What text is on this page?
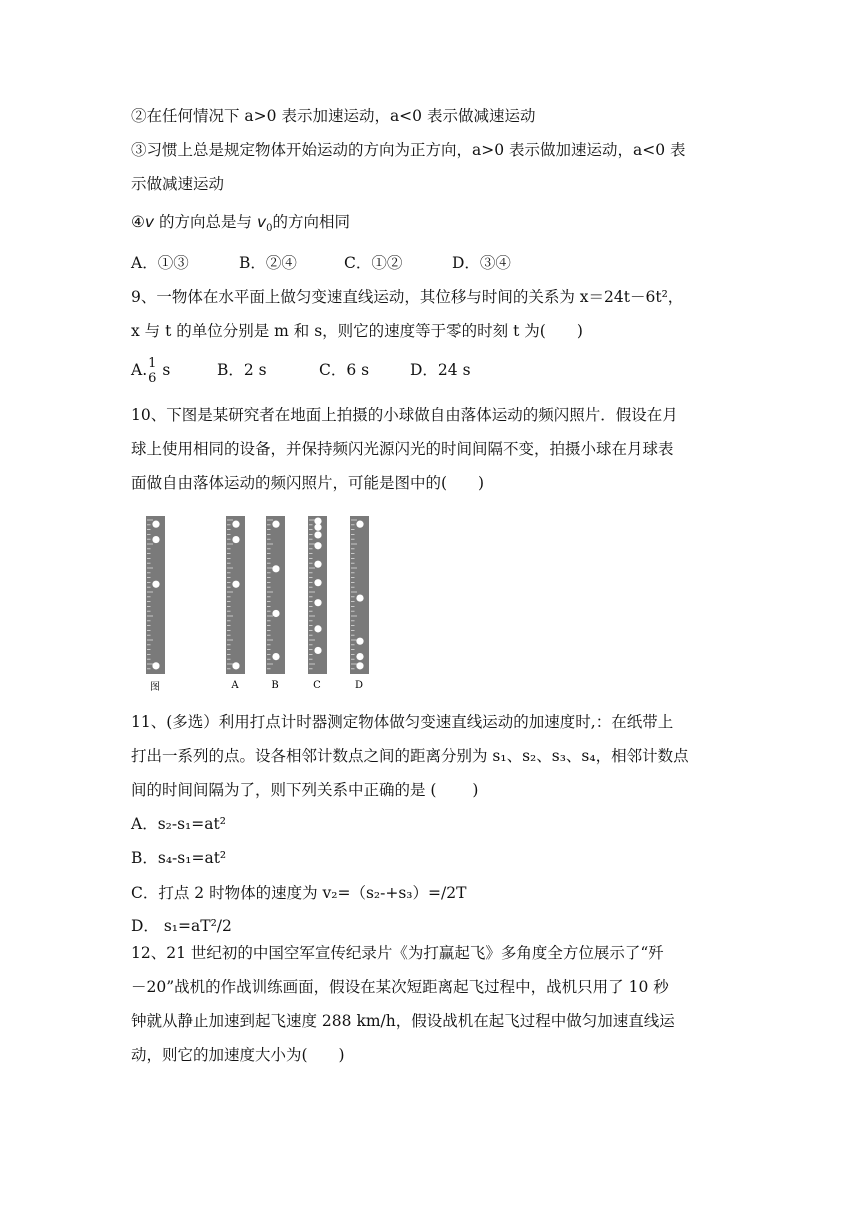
②在任何情况下 a>0 表示加速运动，a<0 表示做减速运动
③习惯上总是规定物体开始运动的方向为正方向，a>0 表示做加速运动，a<0 表
示做减速运动
④v 的方向总是与 $v_0$的方向相同
A．①③	B．②④	C．①②	D．③④
9、一物体在水平面上做匀变速直线运动，其位移与时间的关系为 x＝24t－6t²，
x 与 t 的单位分别是 m 和 s，则它的速度等于零的时刻 t 为(　　)
A. 1
6 s	B．2 s	C．6 s	D．24 s
10、下图是某研究者在地面上拍摄的小球做自由落体运动的频闪照片．假设在月
球上使用相同的设备，并保持频闪光源闪光的时间间隔不变，拍摄小球在月球表
面做自由落体运动的频闪照片，可能是图中的(　　)
图	A	B	C	D
11、(多选）利用打点计时器测定物体做匀变速直线运动的加速度时,：在纸带上
打出一系列的点。设各相邻计数点之间的距离分别为 s₁、s₂、s₃、s₄，相邻计数点
间的时间间隔为了，则下列关系中正确的是 (　　 )
A．s₂-s₁=at²
B．s₄-s₁=at²
C．打点 2 时物体的速度为 v₂=（s₂-+s₃）=/2T
D． s₁=aT²/2
12、21 世纪初的中国空军宣传纪录片《为打赢起飞》多角度全方位展示了“歼
－20”战机的作战训练画面，假设在某次短距离起飞过程中，战机只用了 10 秒
钟就从静止加速到起飞速度 288 km/h，假设战机在起飞过程中做匀加速直线运
动，则它的加速度大小为(　　)
